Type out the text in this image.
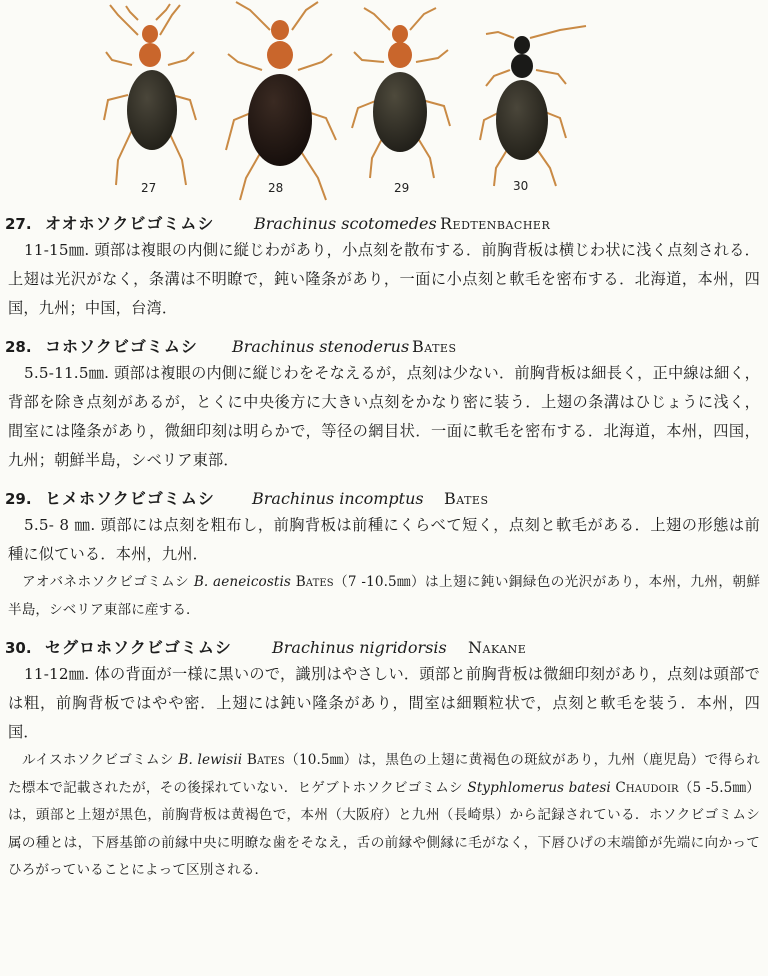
27	28	29	30
27. オオホソクビゴミムシ Brachinus scotomedes Redtenbacher

11-15㎜. 頭部は複眼の内側に縦じわがあり，小点刻を散布する．前胸背板は横じわ状に浅く点刻される．上翅は光沢がなく，条溝は不明瞭で，鈍い隆条があり，一面に小点刻と軟毛を密布する．北海道，本州，四国，九州；中国，台湾．

28. コホソクビゴミムシ Brachinus stenoderus Bates

5.5-11.5㎜. 頭部は複眼の内側に縦じわをそなえるが，点刻は少ない．前胸背板は細長く，正中線は細く，背部を除き点刻があるが，とくに中央後方に大きい点刻をかなり密に装う．上翅の条溝はひじょうに浅く，間室には隆条があり，微細印刻は明らかで，等径の網目状．一面に軟毛を密布する．北海道，本州，四国，九州；朝鮮半島，シベリア東部．

29. ヒメホソクビゴミムシ Brachinus incomptus Bates

5.5- 8 ㎜. 頭部には点刻を粗布し，前胸背板は前種にくらべて短く，点刻と軟毛がある．上翅の形態は前種に似ている．本州，九州．

アオバネホソクビゴミムシ B. aeneicostis Bates（7 -10.5㎜）は上翅に鈍い銅緑色の光沢があり，本州，九州，朝鮮半島，シベリア東部に産する．

30. セグロホソクビゴミムシ	Brachinus nigridorsis Nakane

11-12㎜. 体の背面が一様に黒いので，識別はやさしい．頭部と前胸背板は微細印刻があり，点刻は頭部では粗，前胸背板ではやや密．上翅には鈍い隆条があり，間室は細顆粒状で，点刻と軟毛を装う．本州，四国．

ルイスホソクビゴミムシ B. lewisii Bates（10.5㎜）は，黒色の上翅に黄褐色の斑紋があり，九州（鹿児島）で得られた標本で記載されたが，その後採れていない．ヒゲブトホソクビゴミムシ Styphlomerus batesi Chaudoir（5 -5.5㎜）は，頭部と上翅が黒色，前胸背板は黄褐色で，本州（大阪府）と九州（長崎県）から記録されている．ホソクビゴミムシ属の種とは，下唇基節の前縁中央に明瞭な歯をそなえ，舌の前縁や側縁に毛がなく，下唇ひげの末端節が先端に向かってひろがっていることによって区別される．
